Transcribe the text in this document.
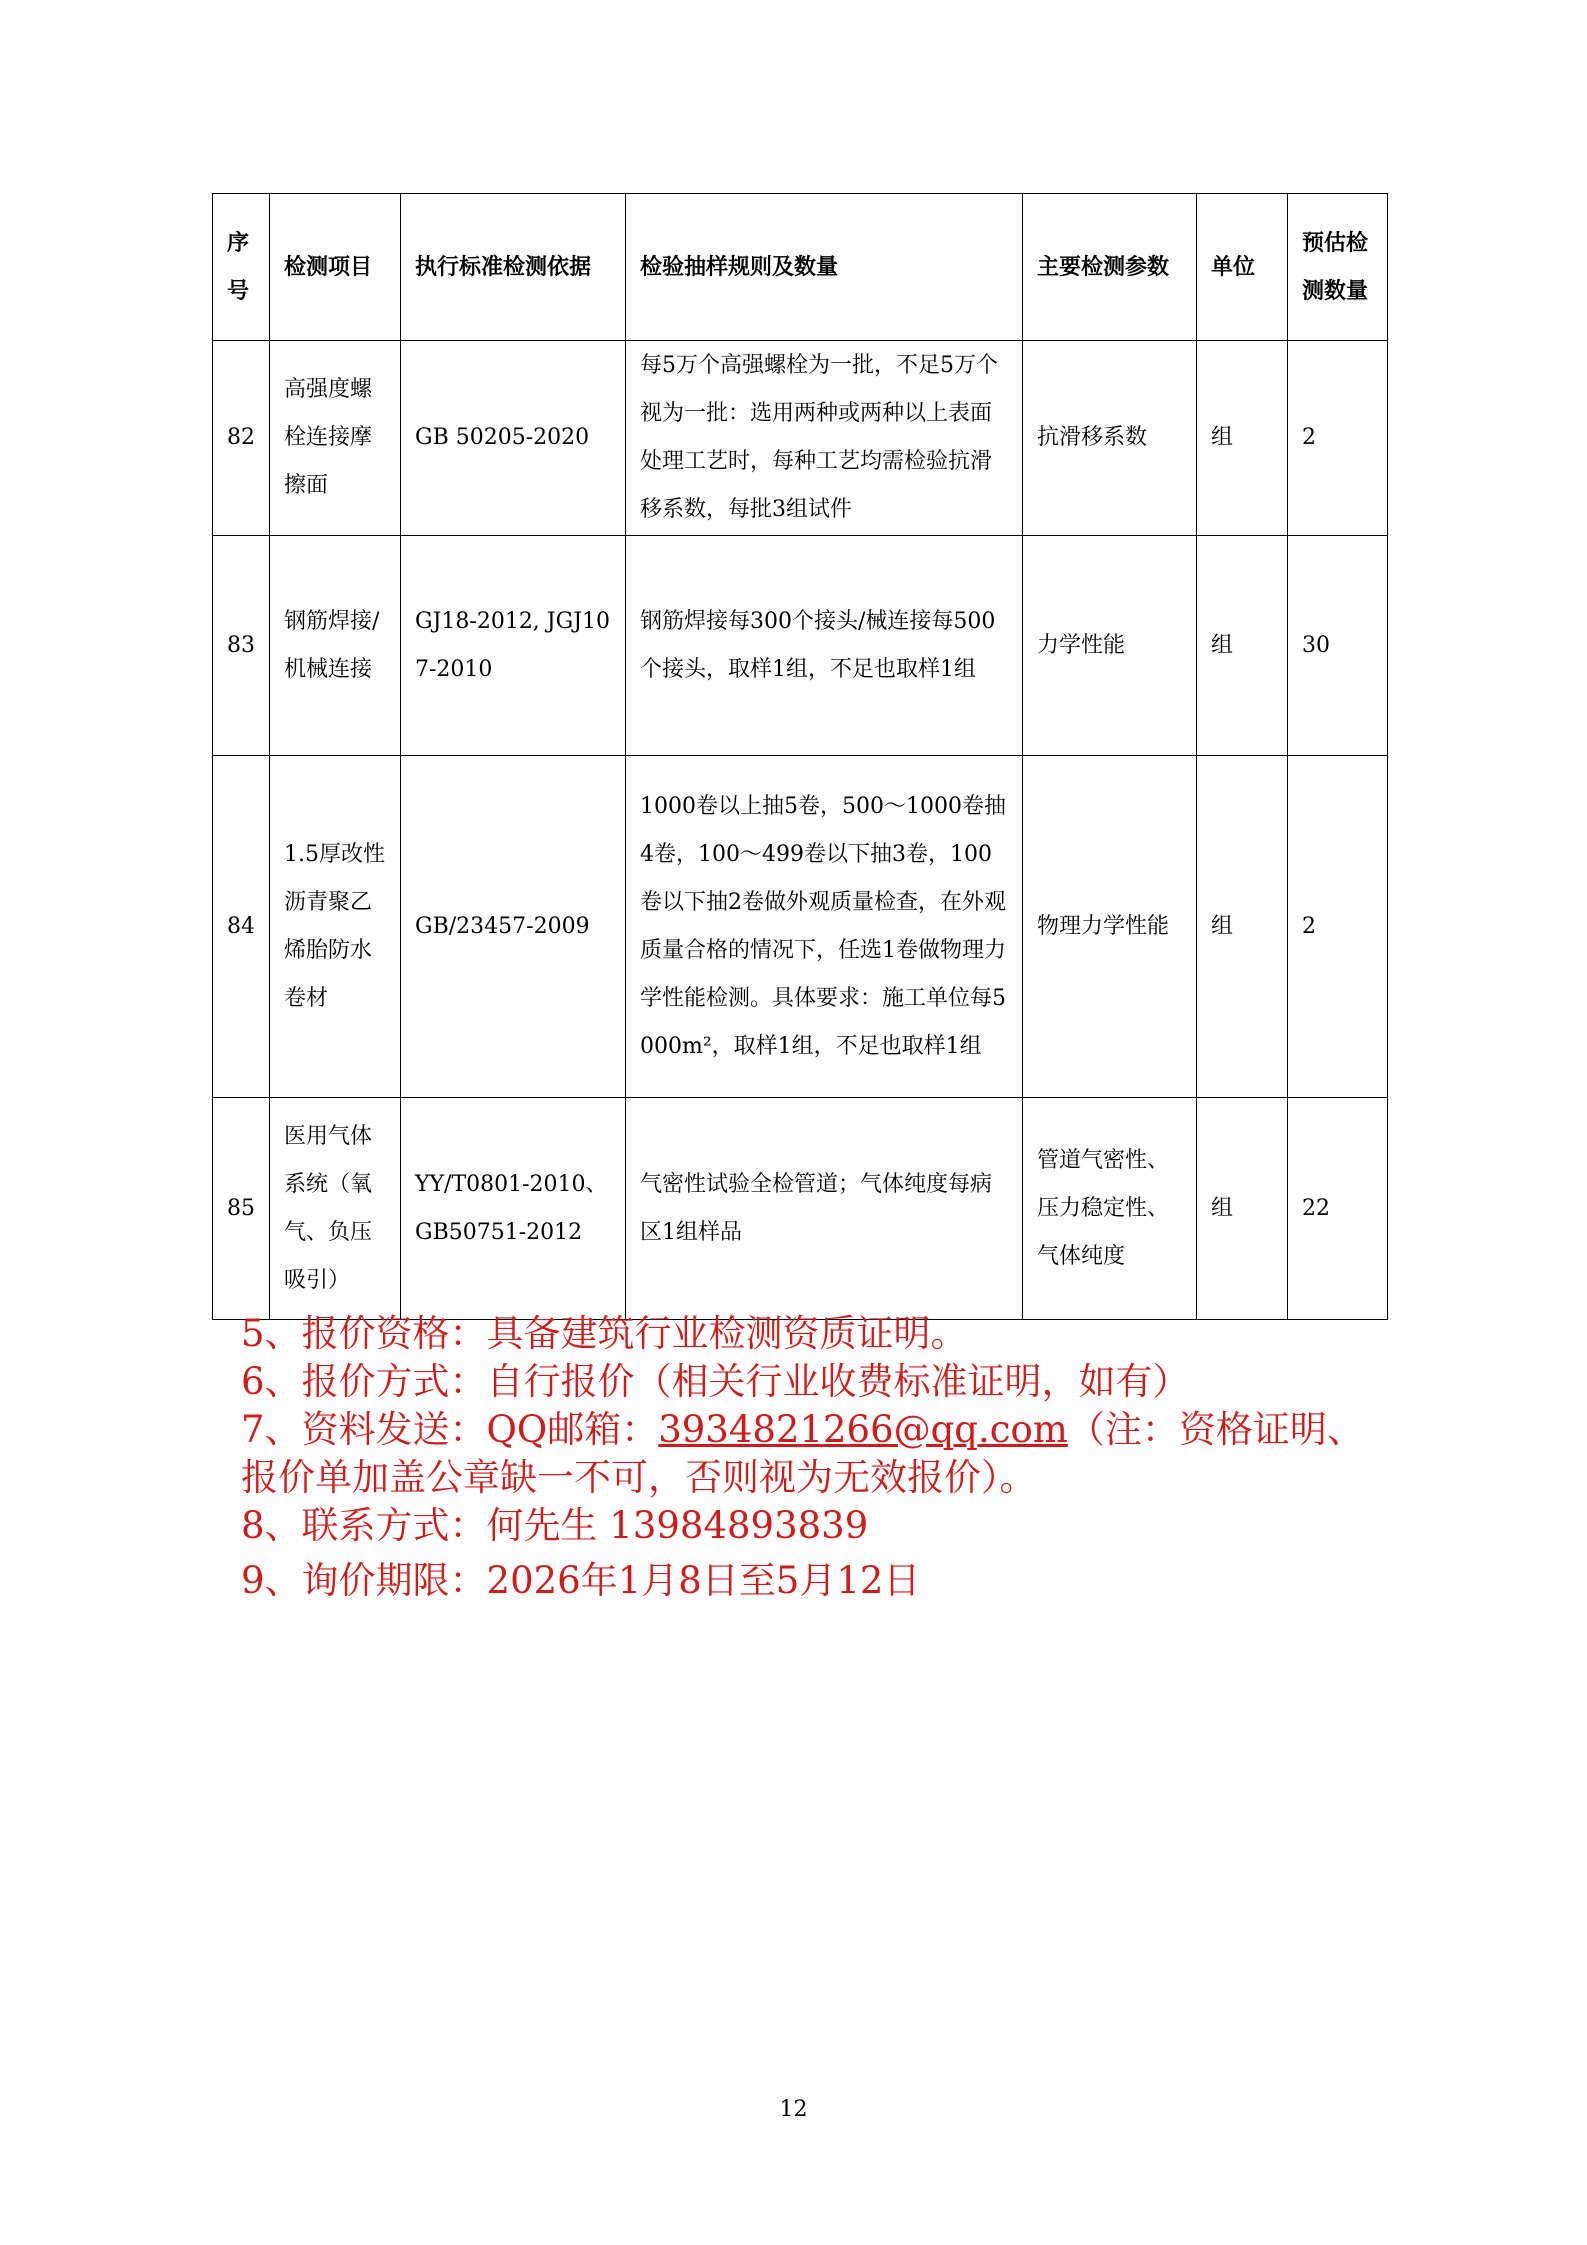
序号	检测项目	执行标准检测依据	检验抽样规则及数量	主要检测参数	单位	预估检测数量
82	高强度螺栓连接摩擦面	GB 50205-2020	每5万个高强螺栓为一批，不足5万个视为一批：选用两种或两种以上表面处理工艺时，每种工艺均需检验抗滑移系数，每批3组试件	抗滑移系数	组	2
83	钢筋焊接/机械连接	GJ18-2012, JGJ107-2010	钢筋焊接每300个接头/械连接每500个接头，取样1组，不足也取样1组	力学性能	组	30
84	1.5厚改性沥青聚乙烯胎防水卷材	GB/23457-2009	1000卷以上抽5卷，500～1000卷抽4卷，100～499卷以下抽3卷，100卷以下抽2卷做外观质量检查，在外观质量合格的情况下，任选1卷做物理力学性能检测。具体要求：施工单位每5000m²，取样1组，不足也取样1组	物理力学性能	组	2
85	医用气体系统（氧气、负压吸引）	YY/T0801-2010、GB50751-2012	气密性试验全检管道；气体纯度每病区1组样品	管道气密性、压力稳定性、气体纯度	组	22

5、报价资格：具备建筑行业检测资质证明。

6、报价方式：自行报价（相关行业收费标准证明，如有）

7、资料发送：QQ邮箱：3934821266@qq.com（注：资格证明、报价单加盖公章缺一不可，否则视为无效报价）。

8、联系方式：何先生 13984893839

9、询价期限：2026年1月8日至5月12日

12
